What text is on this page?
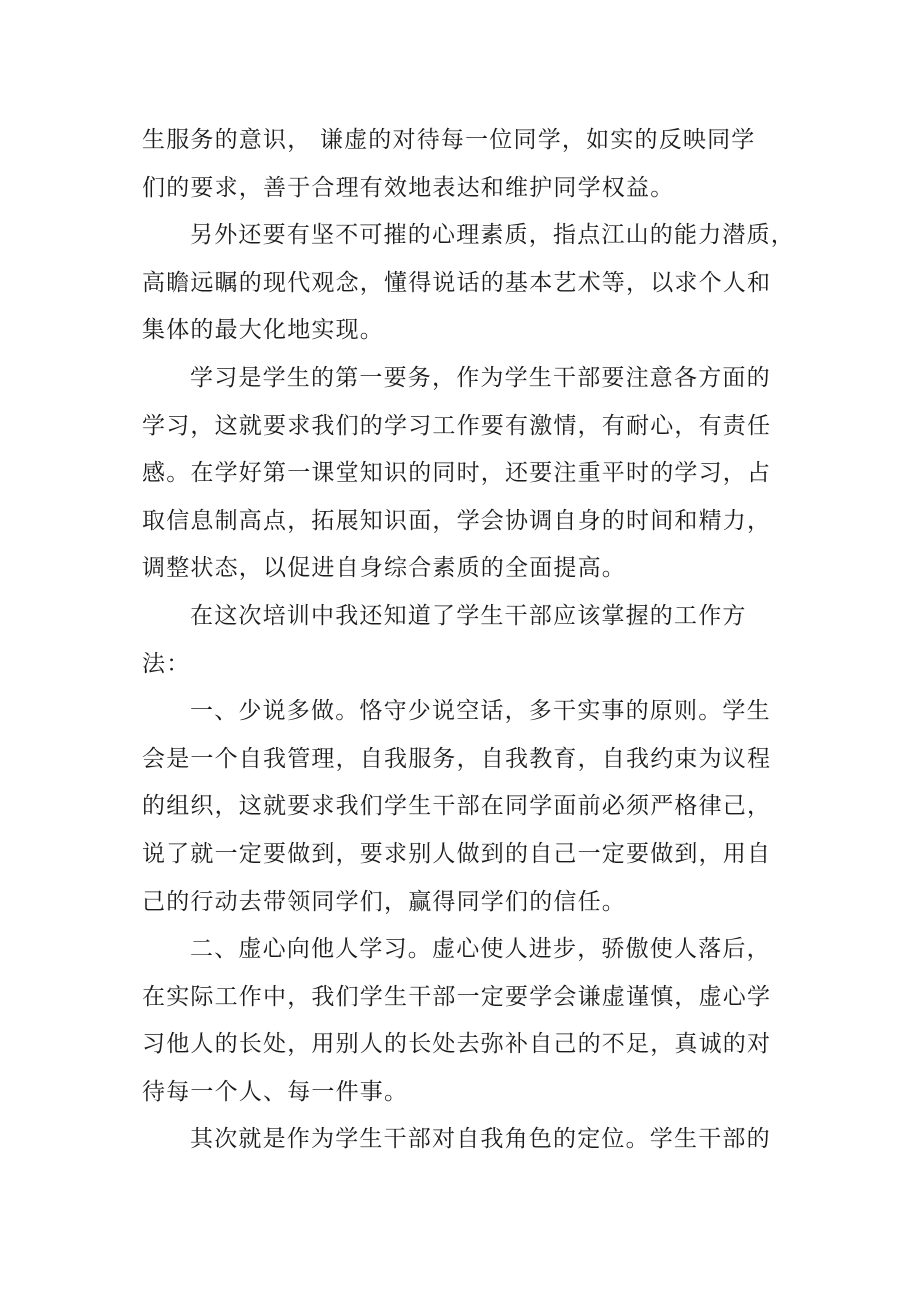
生服务的意识， 谦虚的对待每一位同学，如实的反映同学
们的要求，善于合理有效地表达和维护同学权益。
另外还要有坚不可摧的心理素质，指点江山的能力潜质，
高瞻远瞩的现代观念，懂得说话的基本艺术等，以求个人和
集体的最大化地实现。
学习是学生的第一要务，作为学生干部要注意各方面的
学习，这就要求我们的学习工作要有激情，有耐心，有责任
感。在学好第一课堂知识的同时，还要注重平时的学习，占
取信息制高点，拓展知识面，学会协调自身的时间和精力，
调整状态，以促进自身综合素质的全面提高。
在这次培训中我还知道了学生干部应该掌握的工作方
法：
一、少说多做。恪守少说空话，多干实事的原则。学生
会是一个自我管理，自我服务，自我教育，自我约束为议程
的组织，这就要求我们学生干部在同学面前必须严格律己，
说了就一定要做到，要求别人做到的自己一定要做到，用自
己的行动去带领同学们，赢得同学们的信任。
二、虚心向他人学习。虚心使人进步，骄傲使人落后，
在实际工作中，我们学生干部一定要学会谦虚谨慎，虚心学
习他人的长处，用别人的长处去弥补自己的不足，真诚的对
待每一个人、每一件事。
其次就是作为学生干部对自我角色的定位。学生干部的
